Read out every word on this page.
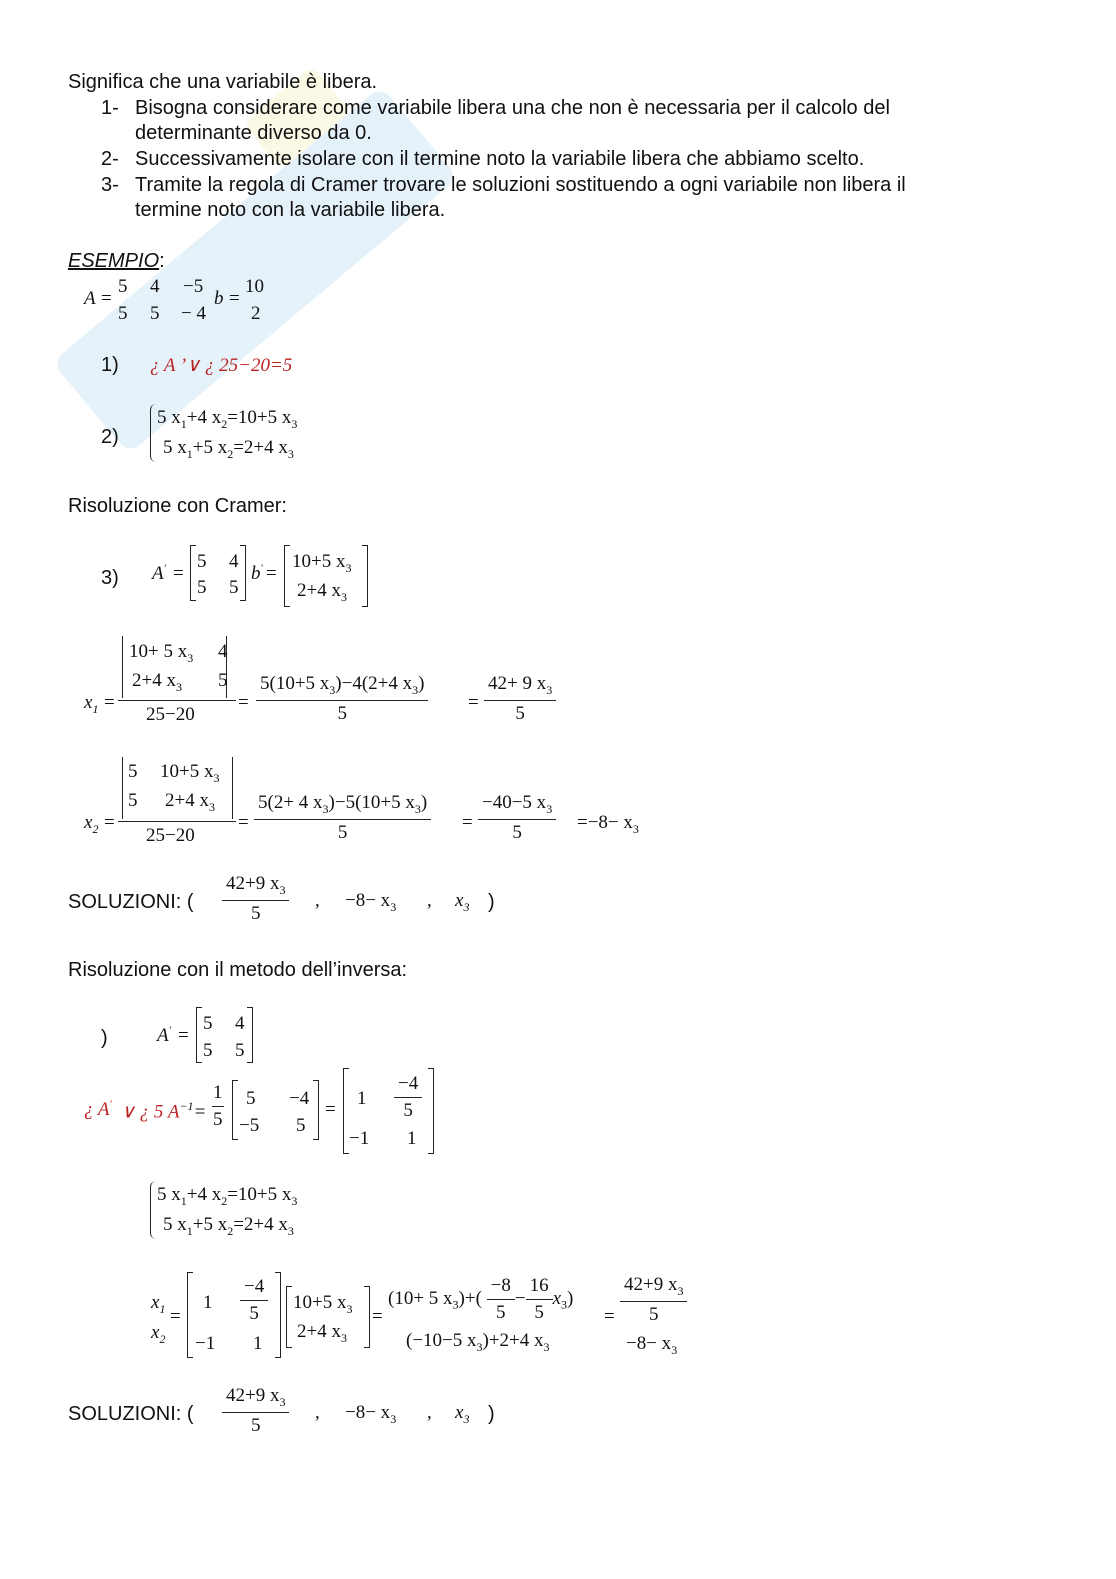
Significa che una variabile è libera.
1- Bisogna considerare come variabile libera una che non è necessaria per il calcolo del
determinante diverso da 0.
2- Successivamente isolare con il termine noto la variabile libera che abbiamo scelto.
3- Tramite la regola di Cramer trovare le soluzioni sostituendo a ogni variabile non libera il
termine noto con la variabile libera.
ESEMPIO:
A =
5 4 −5
5 5 − 4
b =
10
2
1) ¿ A ’∨ ¿ 25−20=5
2)
5 $x_1+4$ $x_2=10+5$ $x_3$
5 $x_1+5$ $x_2=2+4$ $x_3$
Risoluzione con Cramer:
3) A' =
5 4
5 5
b' =
10+5 $x_3$
2+4 $x_3$
$x_1$ =
10+ 5 $x_3$ 4
2+4 $x_3$ 5
25−20
= $\frac{5(10+5 x_3)-4(2+4 x_3)}{5} = \frac{42+ 9 x_3}{5}$
$x_2$ =
5 10+5 $x_3$
5 2+4 $x_3$
25−20
= $\frac{5(2+ 4 x_3)-5(10+5 x_3)}{5} = \frac{-40-5 x_3}{5} =-8- x_3$
SOLUZIONI: ( $\frac{42+9 x_3}{5}$ , $-8- x_3$ , $x_3$ )
Risoluzione con il metodo dell’inversa:
)	A' =
5 4
5 5
¿ A' ∨ ¿ 5 $A^{-1}= \frac{1}{5} 5 -4$
−5 5
=
$1 \frac{-4}{5}$
−1 1
5 $x_1+4$ $x_2=10+5$ $x_3$
5 $x_1+5$ $x_2=2+4$ $x_3$
$x_1$
$x_2$
=
$1 \frac{-4}{5}$
−1 1
10+5 $x_3$
2+4 $x_3$
=
(10+ 5 $x_3)+( \frac{-8}{5} - \frac{16}{5} x_3)$
(−10−5 $x_3)+2+4$ $x_3$
= $\frac{42+9 x_3}{5}$
$-8- x_3$
SOLUZIONI: ( $\frac{42+9 x_3}{5}$ , $-8- x_3$ , $x_3$ )
